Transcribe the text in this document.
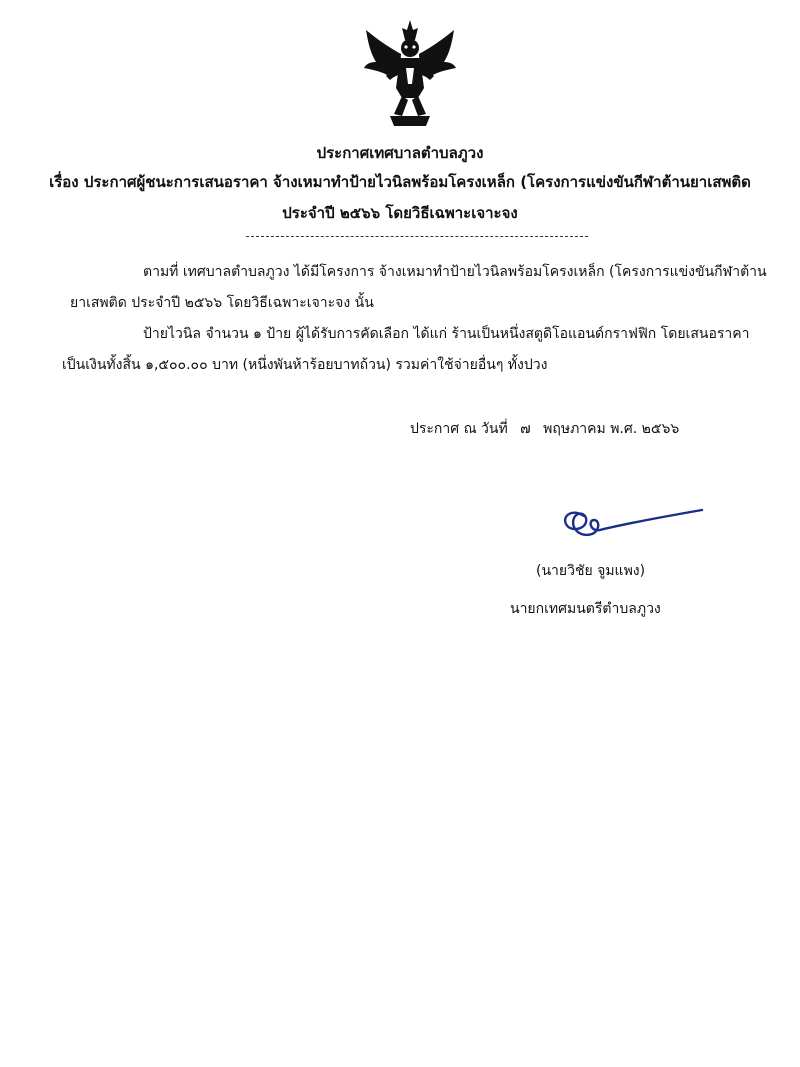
ประกาศเทศบาลตำบลภูวง
เรื่อง ประกาศผู้ชนะการเสนอราคา จ้างเหมาทำป้ายไวนิลพร้อมโครงเหล็ก (โครงการแข่งขันกีฬาต้านยาเสพติด
ประจำปี ๒๕๖๖ โดยวิธีเฉพาะเจาะจง
ตามที่ เทศบาลตำบลภูวง ได้มีโครงการ จ้างเหมาทำป้ายไวนิลพร้อมโครงเหล็ก (โครงการแข่งขันกีฬาต้าน
ยาเสพติด ประจำปี ๒๕๖๖ โดยวิธีเฉพาะเจาะจง นั้น
ป้ายไวนิล จำนวน ๑ ป้าย ผู้ได้รับการคัดเลือก ได้แก่ ร้านเป็นหนึ่งสตูดิโอแอนด์กราฟฟิก โดยเสนอราคา
เป็นเงินทั้งสิ้น ๑,๕๐๐.๐๐ บาท (หนึ่งพันห้าร้อยบาทถ้วน) รวมค่าใช้จ่ายอื่นๆ ทั้งปวง
ประกาศ ณ วันที่ ๗ พฤษภาคม พ.ศ. ๒๕๖๖
(นายวิชัย จูมแพง)
นายกเทศมนตรีตำบลภูวง
